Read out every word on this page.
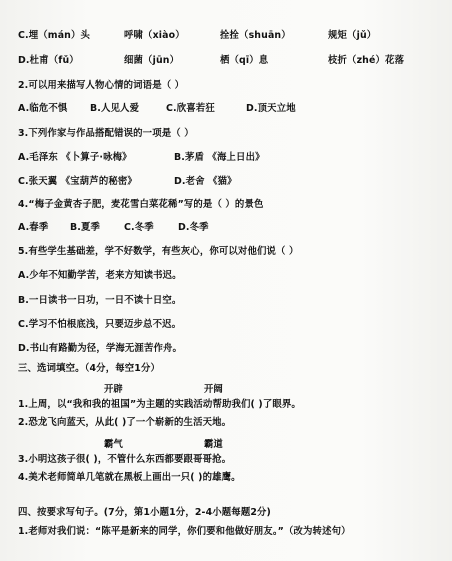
C.埋（mán）头	呼啸（xiào）	拴拴（shuān）	规矩（jǔ）
D.杜甫（fǔ）	细菌（jūn）	栖（qī）息	枝折（zhé）花落
2.可以用来描写人物心情的词语是（ ）
A.临危不惧 B.人见人爱	C.欣喜若狂	D.顶天立地
3.下列作家与作品搭配错误的一项是（ ）
A.毛泽东 《卜算子·咏梅》	B.茅盾 《海上日出》
C.张天翼 《宝葫芦的秘密》	D.老舍 《猫》
4.“梅子金黄杏子肥，麦花雪白菜花稀”写的是（ ）的景色
A.春季 B.夏季	C.冬季	D.冬季
5.有些学生基础差，学不好数学，有些灰心，你可以对他们说（ ）
A.少年不知勤学苦，老来方知读书迟。
B.一日读书一日功，一日不读十日空。
C.学习不怕根底浅，只要迈步总不迟。
D.书山有路勤为径，学海无涯苦作舟。
三、选词填空。（4分，每空1分）
开辟	开阔
1.上周，以“我和我的祖国”为主题的实践活动帮助我们( )了眼界。
2.恐龙飞向蓝天，从此( )了一个崭新的生活天地。
霸气	霸道
3.小明这孩子很( )，不管什么东西都要跟哥哥抢。
4.美术老师简单几笔就在黑板上画出一只( )的雄鹰。
四、按要求写句子。(7分，第1小题1分，2-4小题每题2分)
1.老师对我们说：“陈平是新来的同学，你们要和他做好朋友。”（改为转述句）
